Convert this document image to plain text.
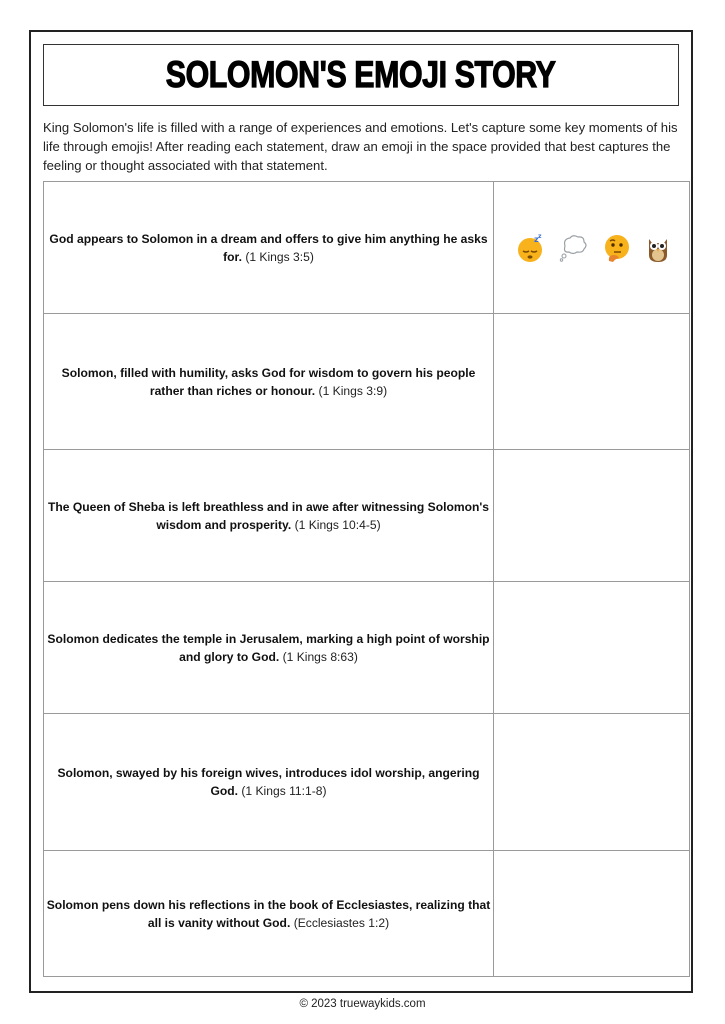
SOLOMON'S EMOJI STORY
King Solomon's life is filled with a range of experiences and emotions. Let's capture some key moments of his life through emojis! After reading each statement, draw an emoji in the space provided that best captures the feeling or thought associated with that statement.
God appears to Solomon in a dream and offers to give him anything he asks for. (1 Kings 3:5)	z z

Solomon, filled with humility, asks God for wisdom to govern his people rather than riches or honour. (1 Kings 3:9)	
The Queen of Sheba is left breathless and in awe after witnessing Solomon's wisdom and prosperity. (1 Kings 10:4-5)	
Solomon dedicates the temple in Jerusalem, marking a high point of worship and glory to God. (1 Kings 8:63)	
Solomon, swayed by his foreign wives, introduces idol worship, angering God. (1 Kings 11:1-8)	
Solomon pens down his reflections in the book of Ecclesiastes, realizing that all is vanity without God. (Ecclesiastes 1:2)	
© 2023 truewaykids.com
